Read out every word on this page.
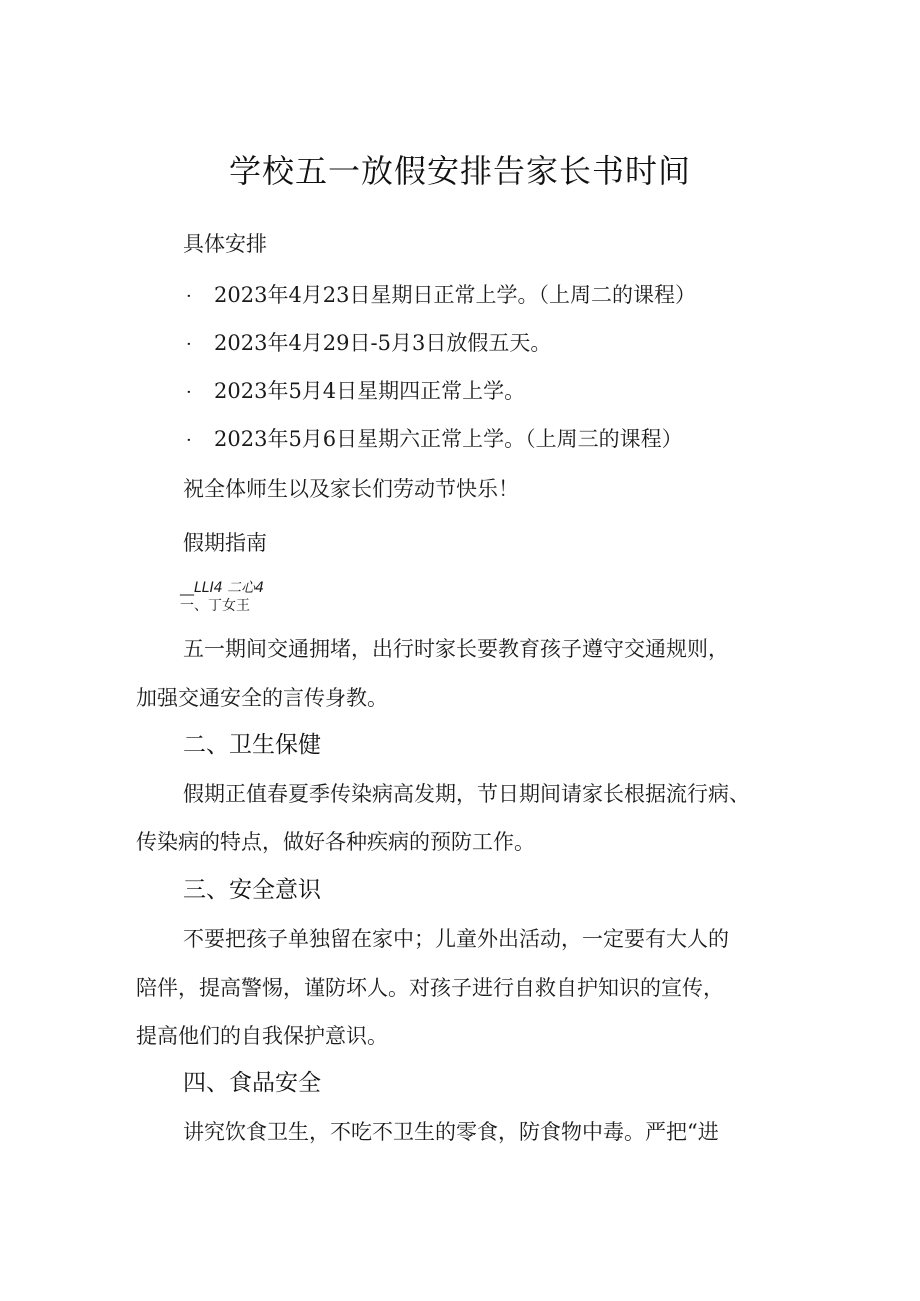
学校五一放假安排告家长书时间

具体安排

· 2023年4月23日星期日正常上学。（上周二的课程）

· 2023年4月29日-5月3日放假五天。

· 2023年5月4日星期四正常上学。

· 2023年5月6日星期六正常上学。（上周三的课程）

祝全体师生以及家长们劳动节快乐！

假期指南

__LLI4 二心4

一、丁女王

五一期间交通拥堵，出行时家长要教育孩子遵守交通规则，

加强交通安全的言传身教。

二、卫生保健

假期正值春夏季传染病高发期，节日期间请家长根据流行病、

传染病的特点，做好各种疾病的预防工作。

三、安全意识

不要把孩子单独留在家中；儿童外出活动，一定要有大人的

陪伴，提高警惕，谨防坏人。对孩子进行自救自护知识的宣传，

提高他们的自我保护意识。

四、食品安全

讲究饮食卫生，不吃不卫生的零食，防食物中毒。严把“进
